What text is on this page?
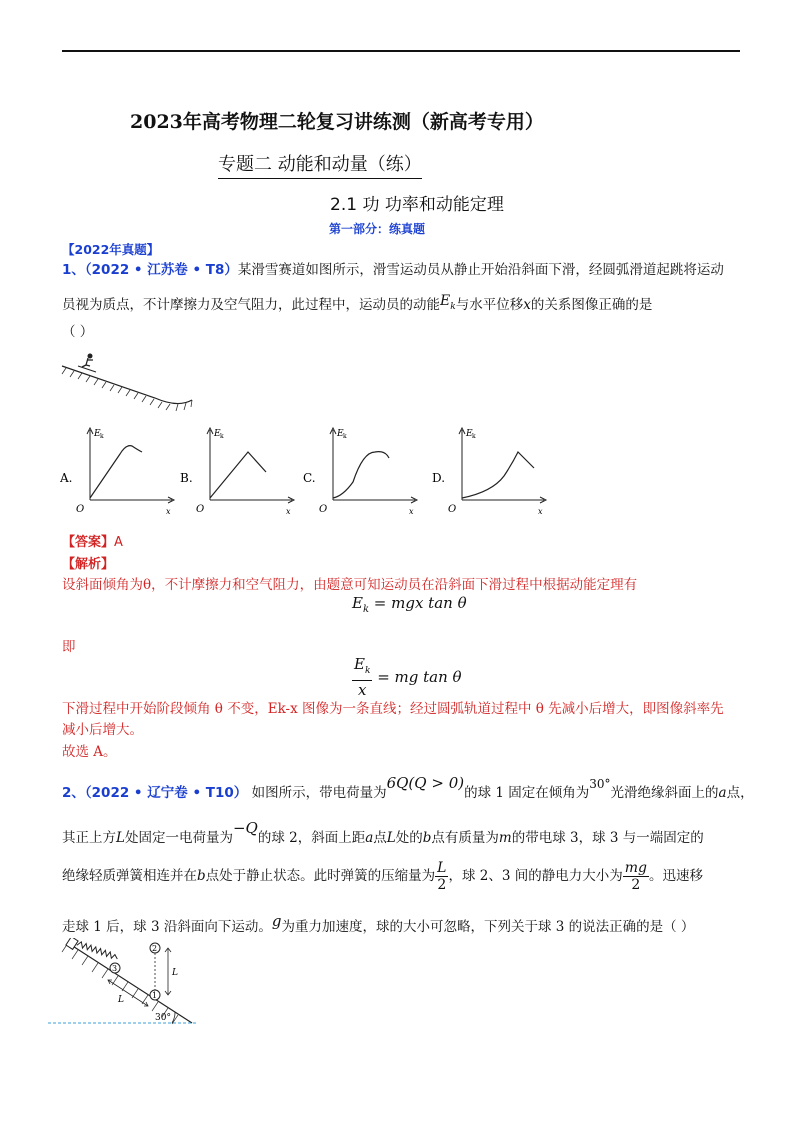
2023年高考物理二轮复习讲练测（新高考专用）
专题二 动能和动量（练）
2.1 功 功率和动能定理
第一部分：练真题
【2022年真题】
1、（2022 • 江苏卷 • T8）某滑雪赛道如图所示，滑雪运动员从静止开始沿斜面下滑，经圆弧滑道起跳将运动
员视为质点，不计摩擦力及空气阻力，此过程中，运动员的动能$E_k$与水平位移x的关系图像正确的是
（ ）
E k
O	x
A.
E k
O	x
B.
E k
O	x
C.
E k
O	x
D.
【答案】A
【解析】
设斜面倾角为θ，不计摩擦力和空气阻力，由题意可知运动员在沿斜面下滑过程中根据动能定理有
$E_k$ = mgx tan θ
即
$\frac{E_k}{x}$ = mg tan θ
下滑过程中开始阶段倾角 θ 不变，Ek-x 图像为一条直线；经过圆弧轨道过程中 θ 先减小后增大，即图像斜率先
减小后增大。
故选 A。
2、（2022 • 辽宁卷 • T10） 如图所示，带电荷量为6Q(Q > 0)的球 1 固定在倾角为30°光滑绝缘斜面上的a点，
其正上方L处固定一电荷量为−Q的球 2，斜面上距a点L处的b点有质量为m的带电球 3，球 3 与一端固定的
绝缘轻质弹簧相连并在b点处于静止状态。此时弹簧的压缩量为 $\frac{L}{2}$ ，球 2、3 间的静电力大小为 $\frac{mg}{2}$ 。迅速移
走球 1 后，球 3 沿斜面向下运动。g为重力加速度，球的大小可忽略，下列关于球 3 的说法正确的是（ ）
3
1
2
L
L
30°
